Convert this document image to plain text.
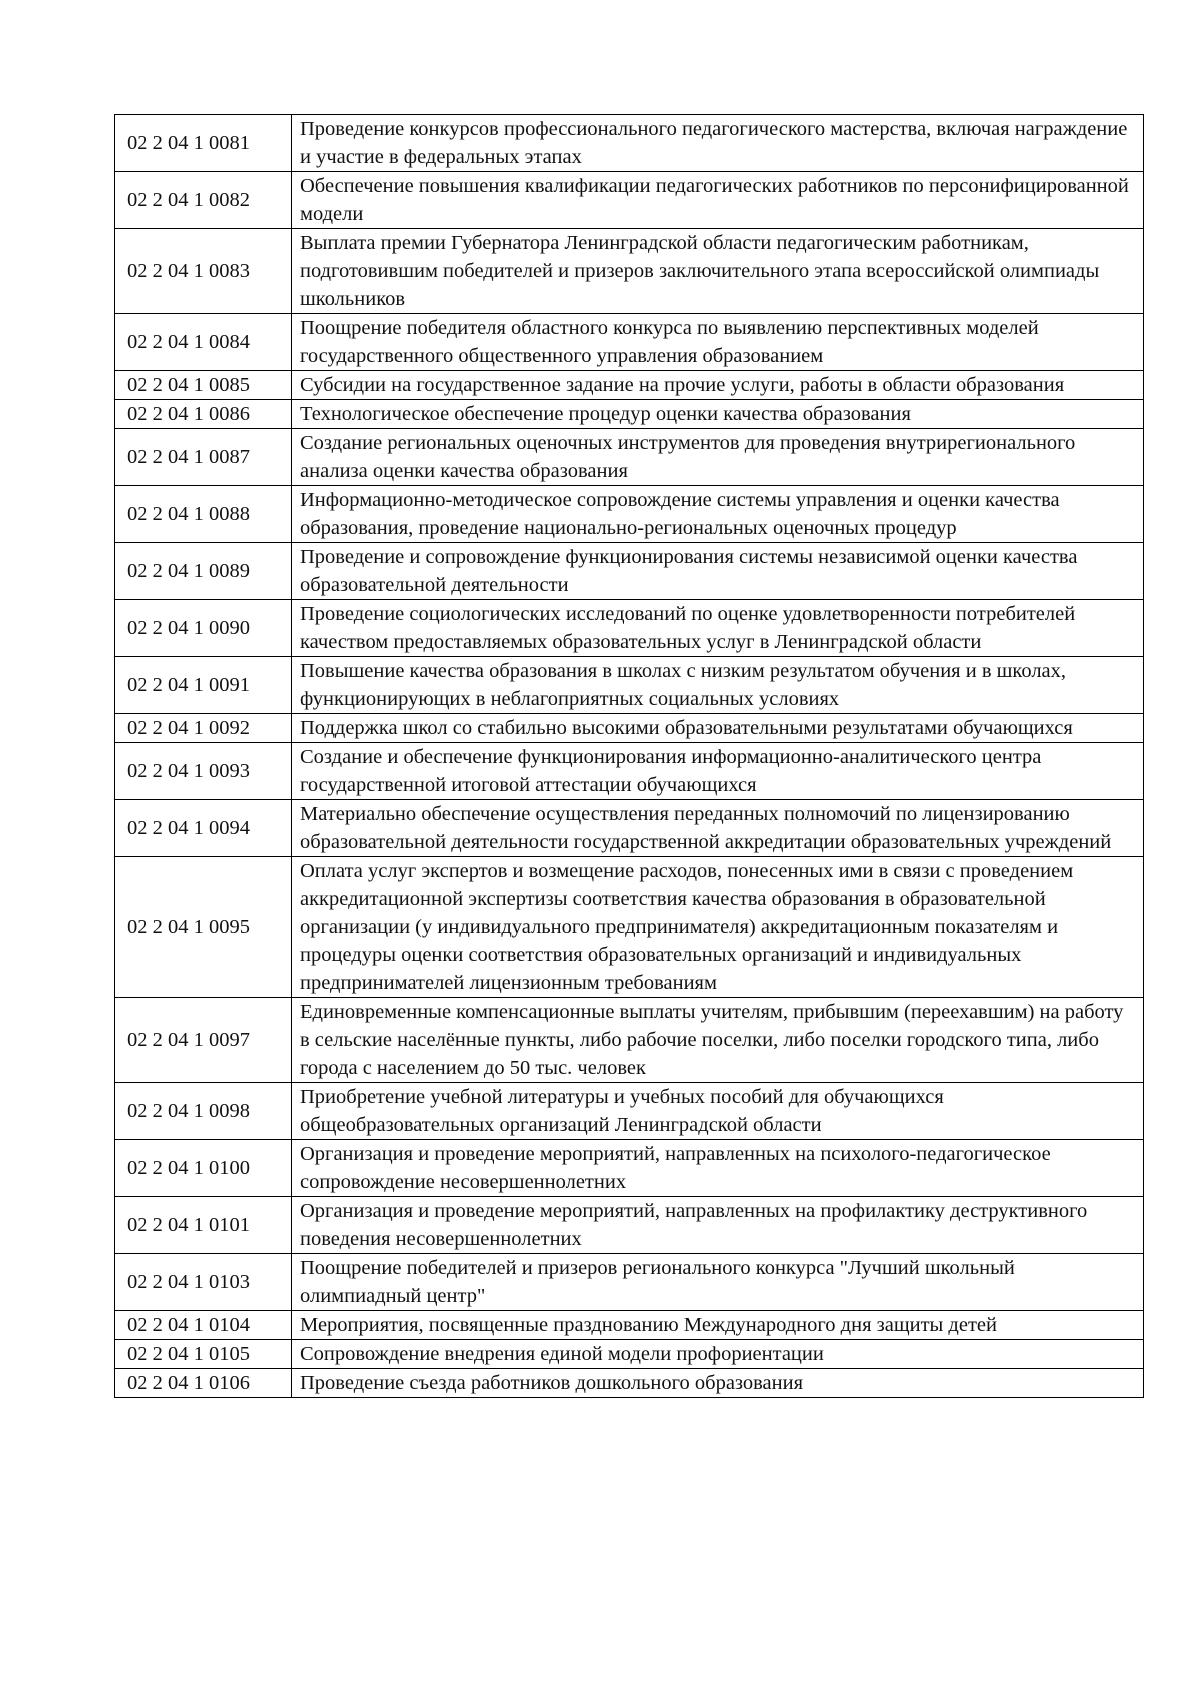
02 2 04 1 0081	Проведение конкурсов профессионального педагогического мастерства, включая награждение и участие в федеральных этапах
02 2 04 1 0082	Обеспечение повышения квалификации педагогических работников по персонифицированной модели
02 2 04 1 0083	Выплата премии Губернатора Ленинградской области педагогическим работникам, подготовившим победителей и призеров заключительного этапа всероссийской олимпиады школьников
02 2 04 1 0084	Поощрение победителя областного конкурса по выявлению перспективных моделей государственного общественного управления образованием
02 2 04 1 0085	Субсидии на государственное задание на прочие услуги, работы в области образования
02 2 04 1 0086	Технологическое обеспечение процедур оценки качества образования
02 2 04 1 0087	Создание региональных оценочных инструментов для проведения внутрирегионального анализа оценки качества образования
02 2 04 1 0088	Информационно-методическое сопровождение системы управления и оценки качества образования, проведение национально-региональных оценочных процедур
02 2 04 1 0089	Проведение и сопровождение функционирования системы независимой оценки качества образовательной деятельности
02 2 04 1 0090	Проведение социологических исследований по оценке удовлетворенности потребителей качеством предоставляемых образовательных услуг в Ленинградской области
02 2 04 1 0091	Повышение качества образования в школах с низким результатом обучения и в школах, функционирующих в неблагоприятных социальных условиях
02 2 04 1 0092	Поддержка школ со стабильно высокими образовательными результатами обучающихся
02 2 04 1 0093	Создание и обеспечение функционирования информационно-аналитического центра государственной итоговой аттестации обучающихся
02 2 04 1 0094	Материально обеспечение осуществления переданных полномочий по лицензированию образовательной деятельности государственной аккредитации образовательных учреждений
02 2 04 1 0095	Оплата услуг экспертов и возмещение расходов, понесенных ими в связи с проведением аккредитационной экспертизы соответствия качества образования в образовательной организации (у индивидуального предпринимателя) аккредитационным показателям и процедуры оценки соответствия образовательных организаций и индивидуальных предпринимателей лицензионным требованиям
02 2 04 1 0097	Единовременные компенсационные выплаты учителям, прибывшим (переехавшим) на работу в сельские населённые пункты, либо рабочие поселки, либо поселки городского типа, либо города с населением до 50 тыс. человек
02 2 04 1 0098	Приобретение учебной литературы и учебных пособий для обучающихся общеобразовательных организаций Ленинградской области
02 2 04 1 0100	Организация и проведение мероприятий, направленных на психолого-педагогическое сопровождение несовершеннолетних
02 2 04 1 0101	Организация и проведение мероприятий, направленных на профилактику деструктивного поведения несовершеннолетних
02 2 04 1 0103	Поощрение победителей и призеров регионального конкурса "Лучший школьный олимпиадный центр"
02 2 04 1 0104	Мероприятия, посвященные празднованию Международного дня защиты детей
02 2 04 1 0105	Сопровождение внедрения единой модели профориентации
02 2 04 1 0106	Проведение съезда работников дошкольного образования
